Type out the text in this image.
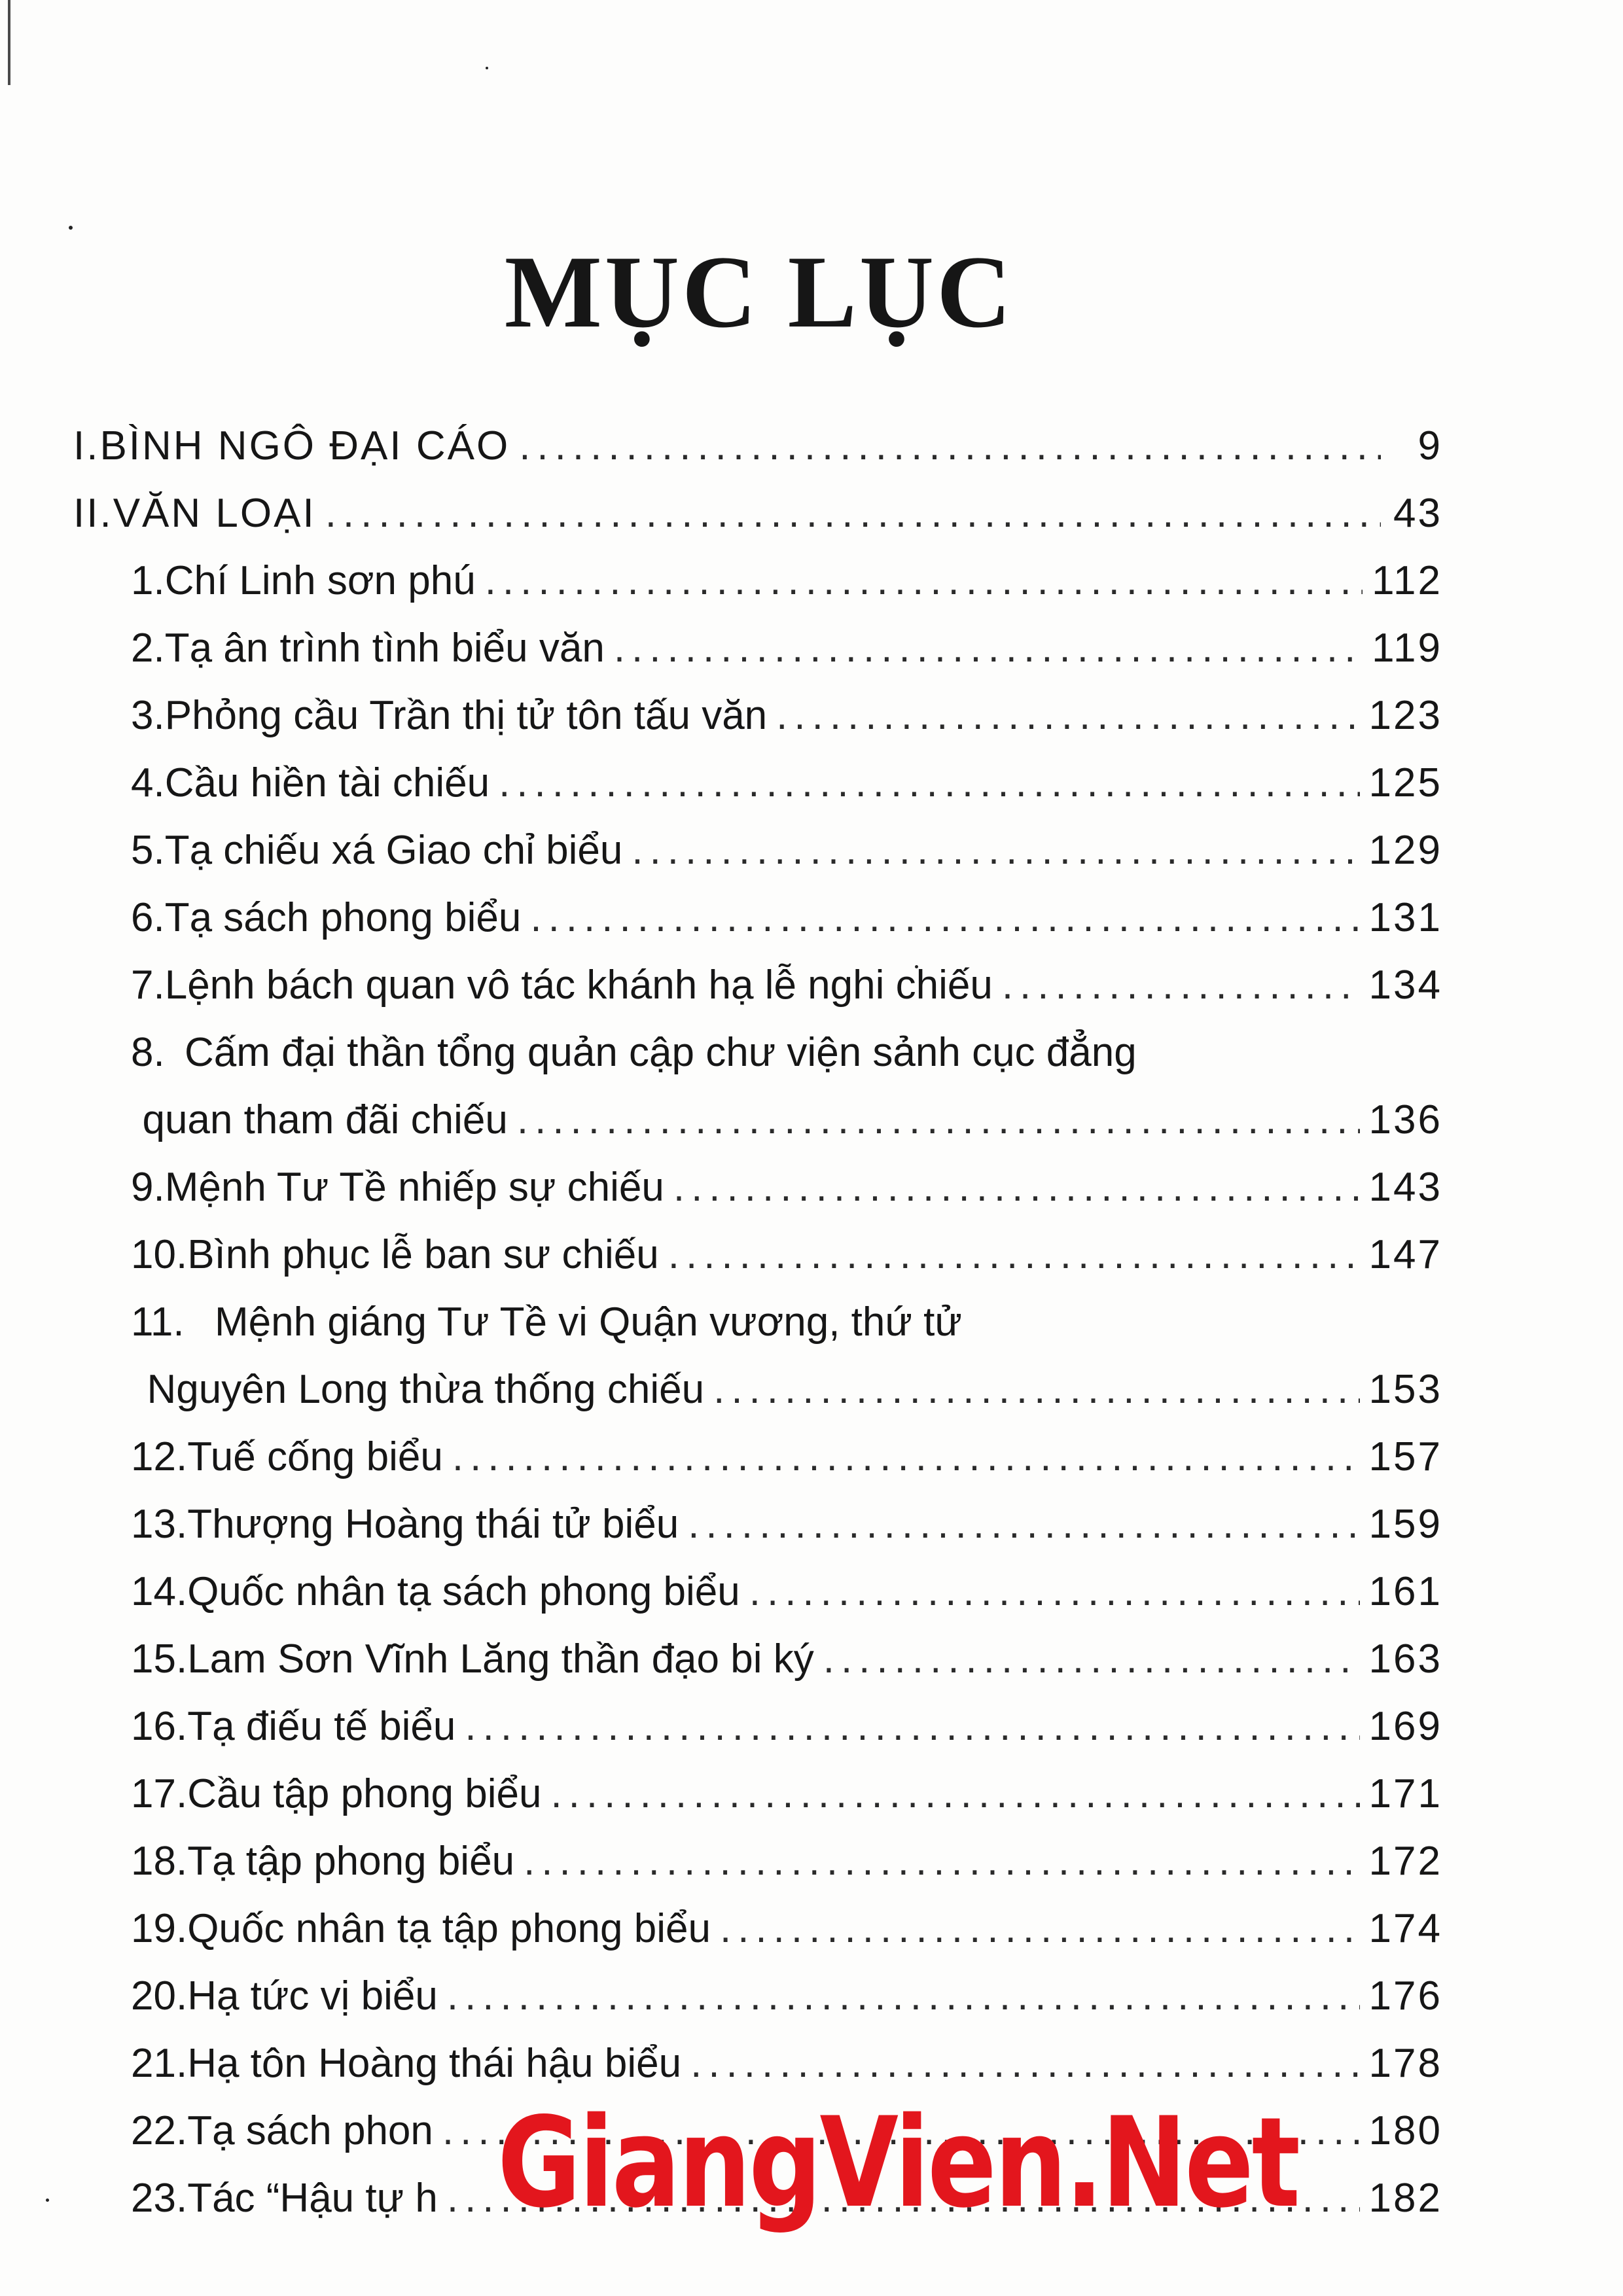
MỤC LỤC
I. BÌNH NGÔ ĐẠI CÁO .....	9
II. VĂN LOẠI .....	43
1. Chí Linh sơn phú .....	112
2. Tạ ân trình tình biểu văn .....	119
3. Phỏng cầu Trần thị tử tôn tấu văn .....	123
4. Cầu hiền tài chiếu .....	125
5. Tạ chiếu xá Giao chỉ biểu .....	129
6. Tạ sách phong biểu .....	131
7. Lệnh bách quan vô tác khánh hạ lễ nghi chiếu .....	134
8. Cấm đại thần tổng quản cập chư viện sảnh cục đẳng
quan tham đãi chiếu .....	136
9. Mệnh Tư Tề nhiếp sự chiếu .....	143
10. Bình phục lễ ban sư chiếu .....	147
11. Mệnh giáng Tư Tề vi Quận vương, thứ tử
Nguyên Long thừa thống chiếu .....	153
12. Tuế cống biểu .....	157
13. Thượng Hoàng thái tử biểu .....	159
14. Quốc nhân tạ sách phong biểu .....	161
15. Lam Sơn Vĩnh Lăng thần đạo bi ký .....	163
16. Tạ điếu tế biểu .....	169
17. Cầu tập phong biểu .....	171
18. Tạ tập phong biểu .....	172
19. Quốc nhân tạ tập phong biểu .....	174
20. Hạ tức vị biểu .....	176
21. Hạ tôn Hoàng thái hậu biểu .....	178
22. Tạ sách phon .....	180
23. Tác “Hậu tự h .....	182
GiangVien.Net
